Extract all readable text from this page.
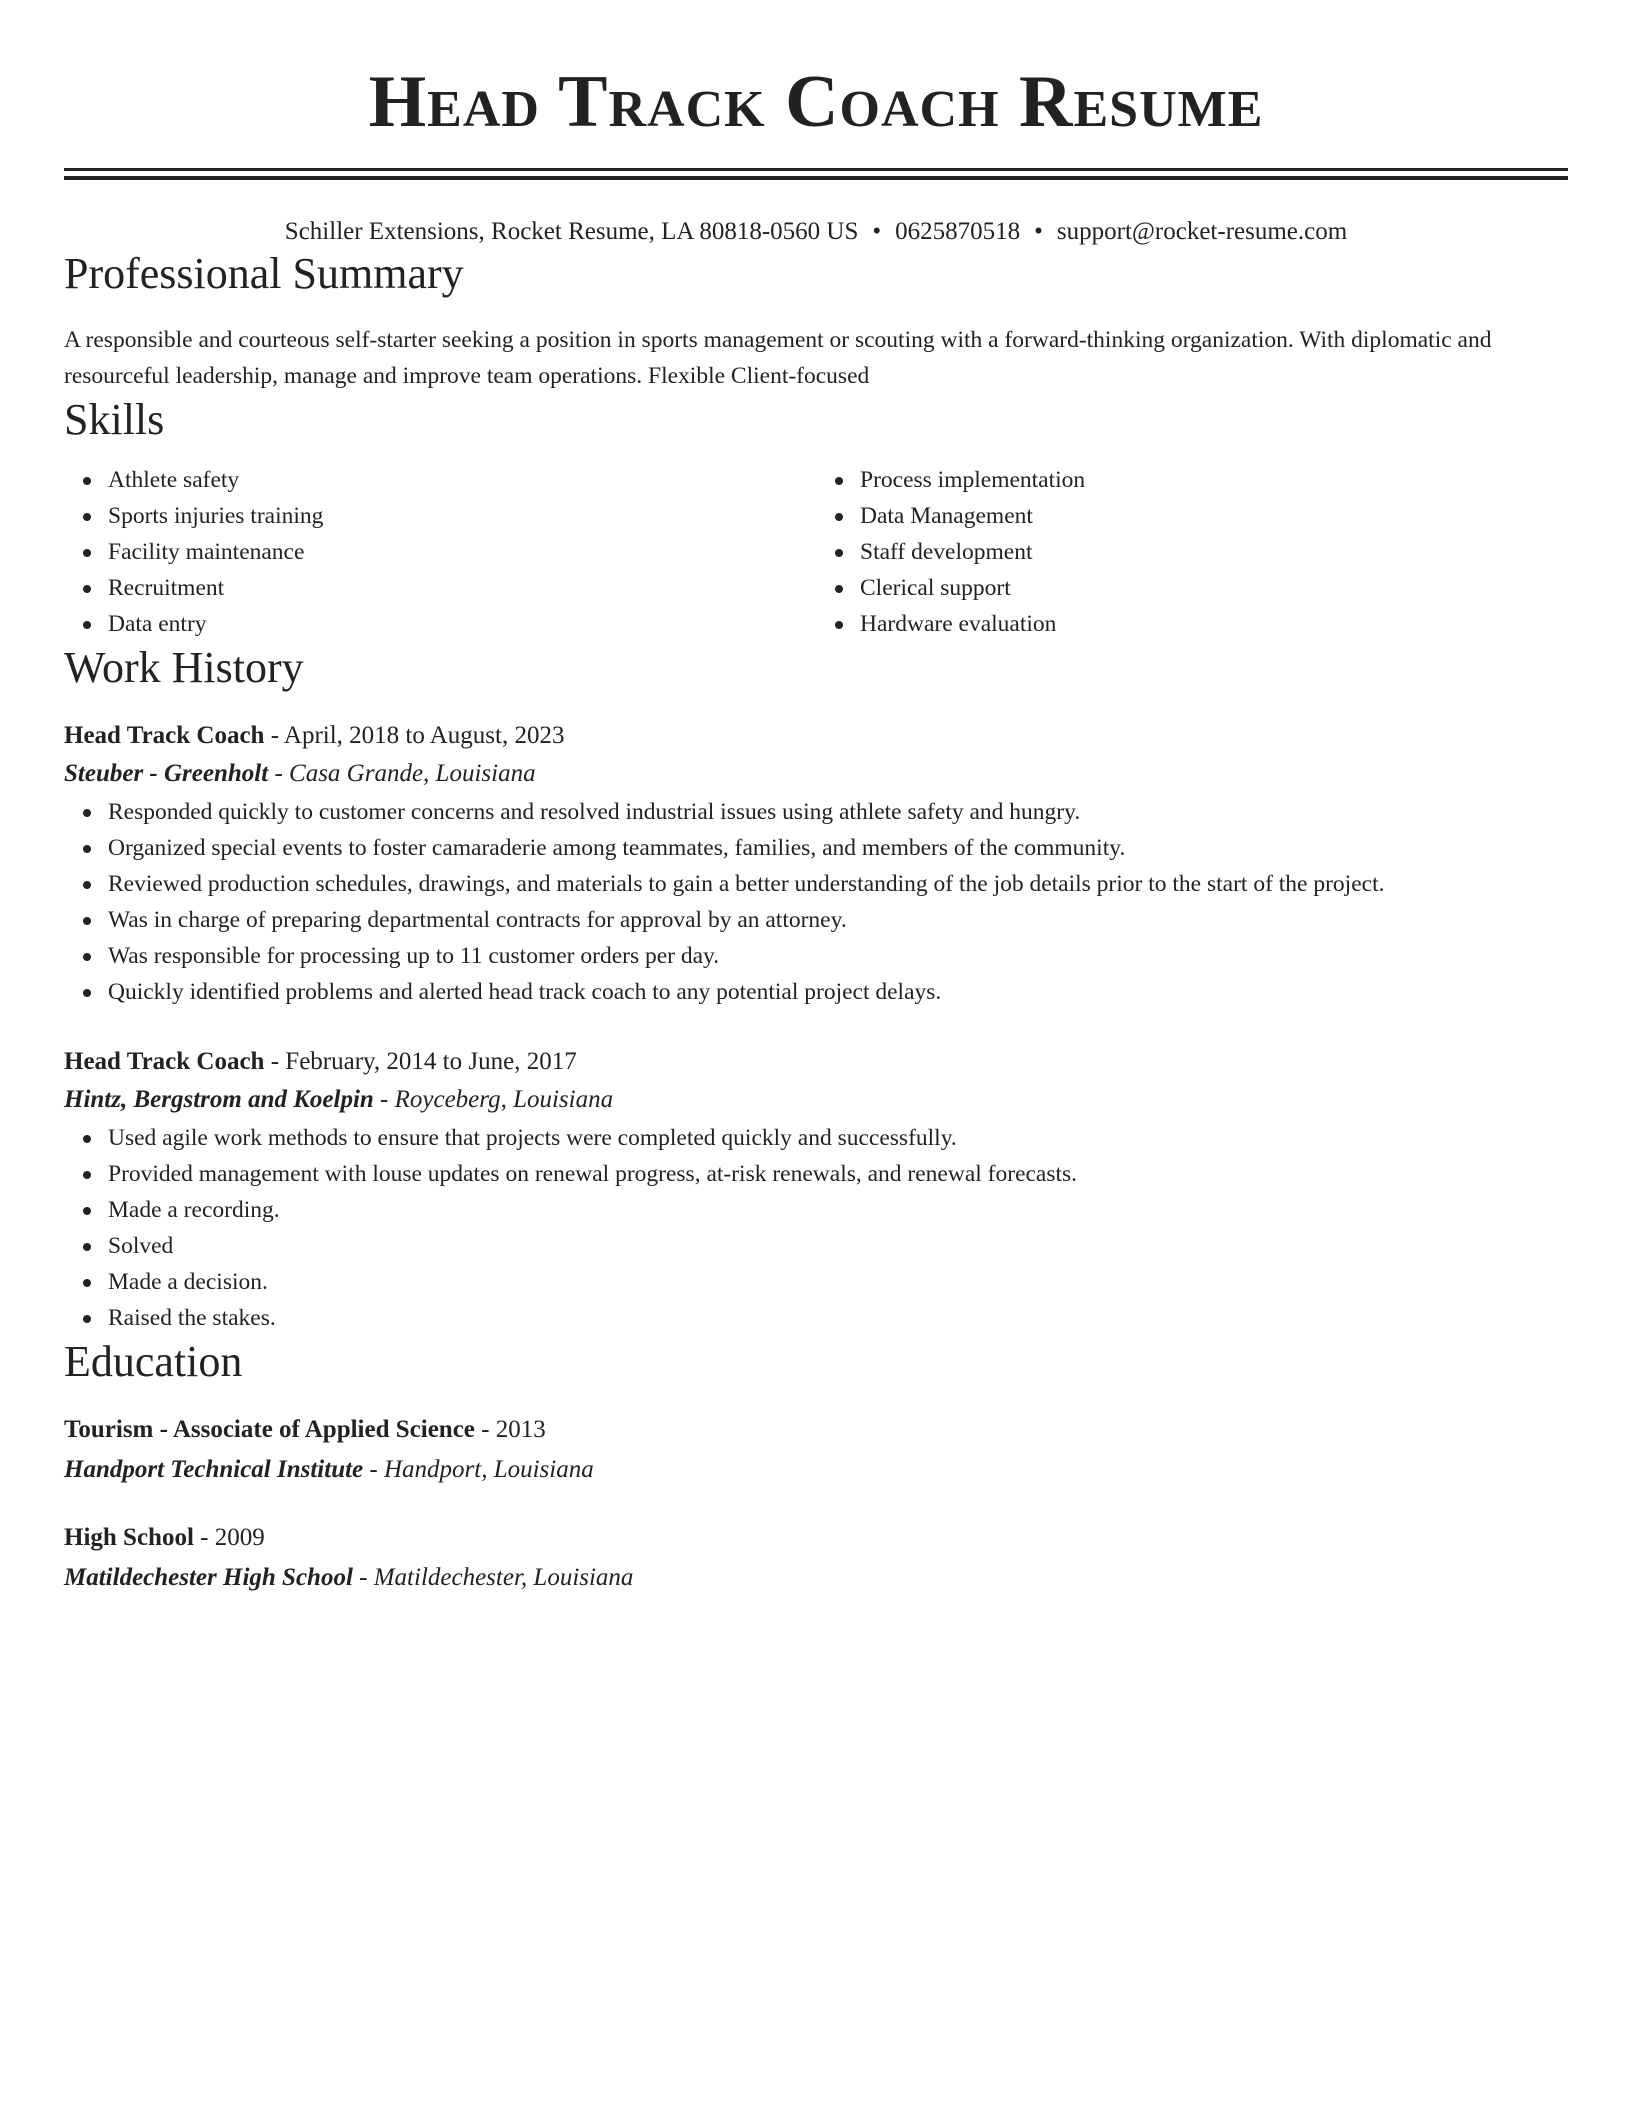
Head Track Coach Resume
Schiller Extensions, Rocket Resume, LA 80818-0560 US • 0625870518 • support@rocket-resume.com
Professional Summary

A responsible and courteous self-starter seeking a position in sports management or scouting with a forward-thinking organization. With diplomatic and resourceful leadership, manage and improve team operations. Flexible Client-focused

Skills
Athlete safety
Sports injuries training
Facility maintenance
Recruitment
Data entry
Process implementation
Data Management
Staff development
Clerical support
Hardware evaluation
Work History
Head Track Coach - April, 2018 to August, 2023
Steuber - Greenholt - Casa Grande, Louisiana
Responded quickly to customer concerns and resolved industrial issues using athlete safety and hungry.
Organized special events to foster camaraderie among teammates, families, and members of the community.
Reviewed production schedules, drawings, and materials to gain a better understanding of the job details prior to the start of the project.
Was in charge of preparing departmental contracts for approval by an attorney.
Was responsible for processing up to 11 customer orders per day.
Quickly identified problems and alerted head track coach to any potential project delays.
Head Track Coach - February, 2014 to June, 2017
Hintz, Bergstrom and Koelpin - Royceberg, Louisiana
Used agile work methods to ensure that projects were completed quickly and successfully.
Provided management with louse updates on renewal progress, at-risk renewals, and renewal forecasts.
Made a recording.
Solved
Made a decision.
Raised the stakes.
Education
Tourism - Associate of Applied Science - 2013
Handport Technical Institute - Handport, Louisiana
High School - 2009
Matildechester High School - Matildechester, Louisiana
